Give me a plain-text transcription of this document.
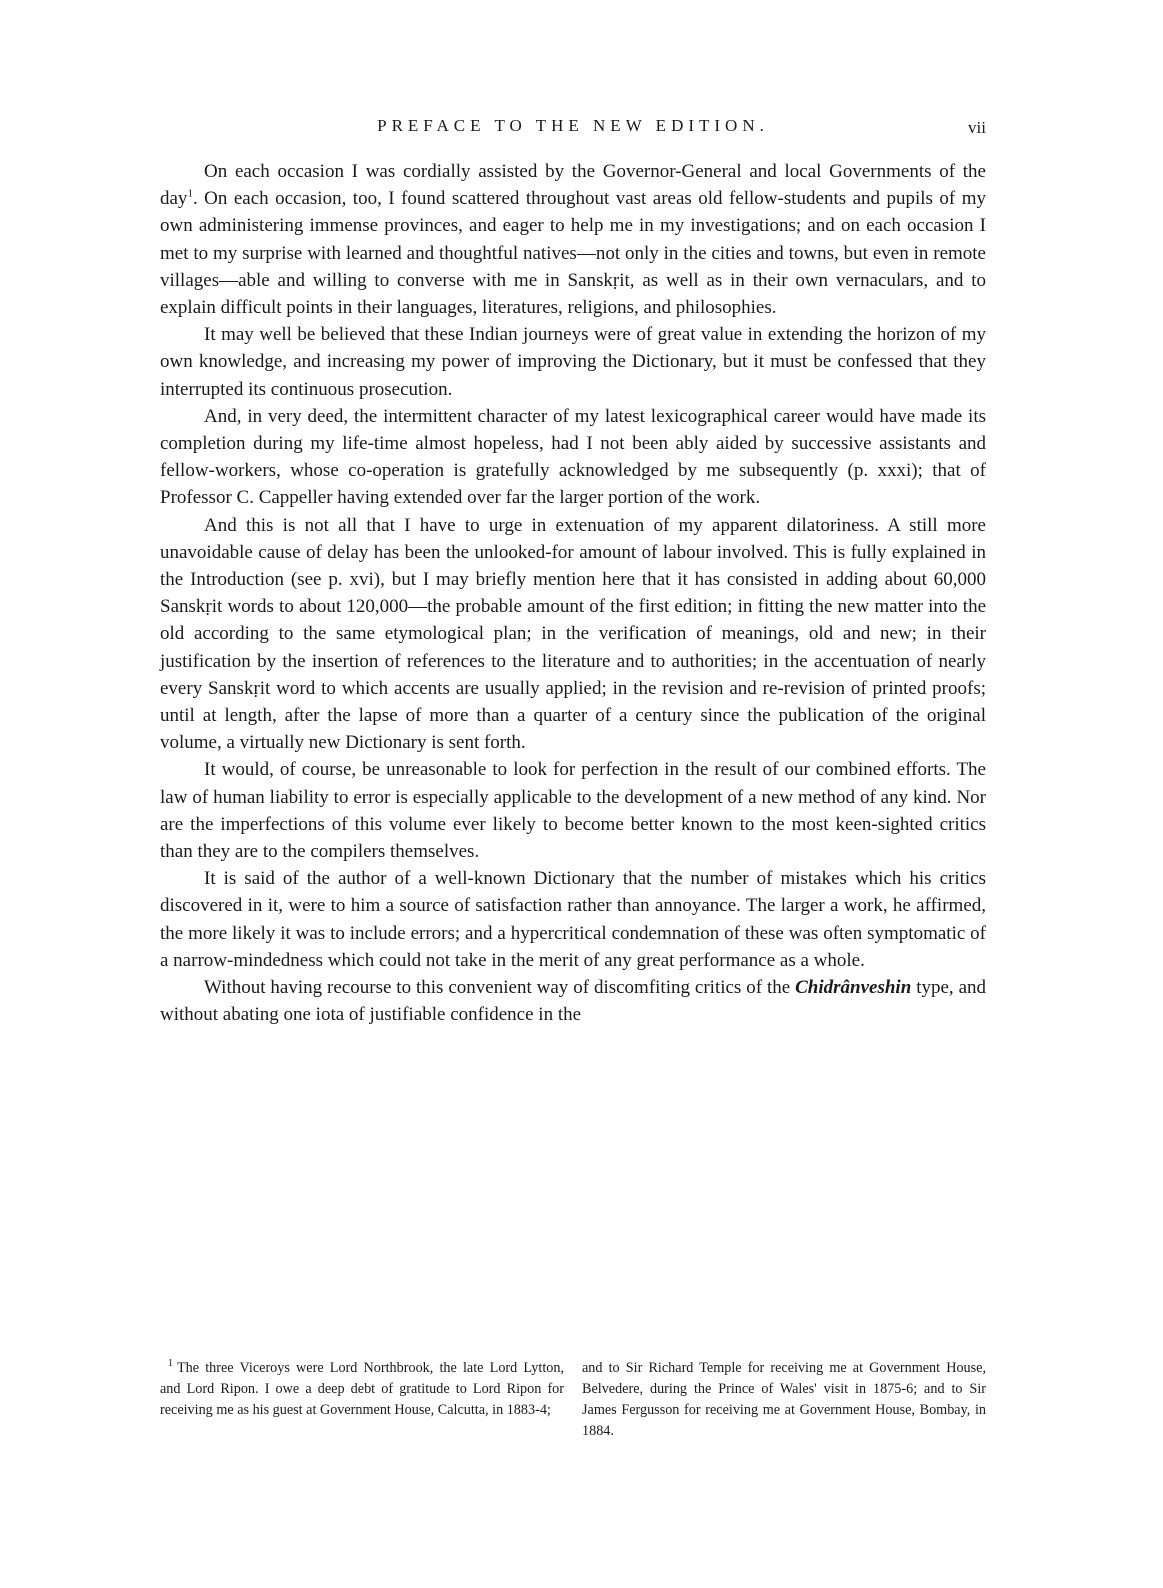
PREFACE TO THE NEW EDITION.	vii

On each occasion I was cordially assisted by the Governor-General and local Governments of the day$^1$. On each occasion, too, I found scattered throughout vast areas old fellow-students and pupils of my own administering immense provinces, and eager to help me in my investigations; and on each occasion I met to my surprise with learned and thoughtful natives—not only in the cities and towns, but even in remote villages—able and willing to converse with me in Sanskṛit, as well as in their own vernaculars, and to explain difficult points in their languages, literatures, religions, and philosophies.

It may well be believed that these Indian journeys were of great value in extending the horizon of my own knowledge, and increasing my power of improving the Dictionary, but it must be confessed that they interrupted its continuous prosecution.

And, in very deed, the intermittent character of my latest lexicographical career would have made its completion during my life-time almost hopeless, had I not been ably aided by successive assistants and fellow-workers, whose co-operation is gratefully acknowledged by me subsequently (p. xxxi); that of Professor C. Cappeller having extended over far the larger portion of the work.

And this is not all that I have to urge in extenuation of my apparent dilatoriness. A still more unavoidable cause of delay has been the unlooked-for amount of labour involved. This is fully explained in the Introduction (see p. xvi), but I may briefly mention here that it has consisted in adding about 60,000 Sanskṛit words to about 120,000—the probable amount of the first edition; in fitting the new matter into the old according to the same etymological plan; in the verification of meanings, old and new; in their justification by the insertion of references to the literature and to authorities; in the accentuation of nearly every Sanskṛit word to which accents are usually applied; in the revision and re-revision of printed proofs; until at length, after the lapse of more than a quarter of a century since the publication of the original volume, a virtually new Dictionary is sent forth.

It would, of course, be unreasonable to look for perfection in the result of our combined efforts. The law of human liability to error is especially applicable to the development of a new method of any kind. Nor are the imperfections of this volume ever likely to become better known to the most keen-sighted critics than they are to the compilers themselves.

It is said of the author of a well-known Dictionary that the number of mistakes which his critics discovered in it, were to him a source of satisfaction rather than annoyance. The larger a work, he affirmed, the more likely it was to include errors; and a hypercritical condemnation of these was often symptomatic of a narrow-mindedness which could not take in the merit of any great performance as a whole.

Without having recourse to this convenient way of discomfiting critics of the Chidrânveshin type, and without abating one iota of justifiable confidence in the

$^1$ The three Viceroys were Lord Northbrook, the late Lord Lytton, and Lord Ripon. I owe a deep debt of gratitude to Lord Ripon for receiving me as his guest at Government House, Calcutta, in 1883-4;

and to Sir Richard Temple for receiving me at Government House, Belvedere, during the Prince of Wales' visit in 1875-6; and to Sir James Fergusson for receiving me at Government House, Bombay, in 1884.
